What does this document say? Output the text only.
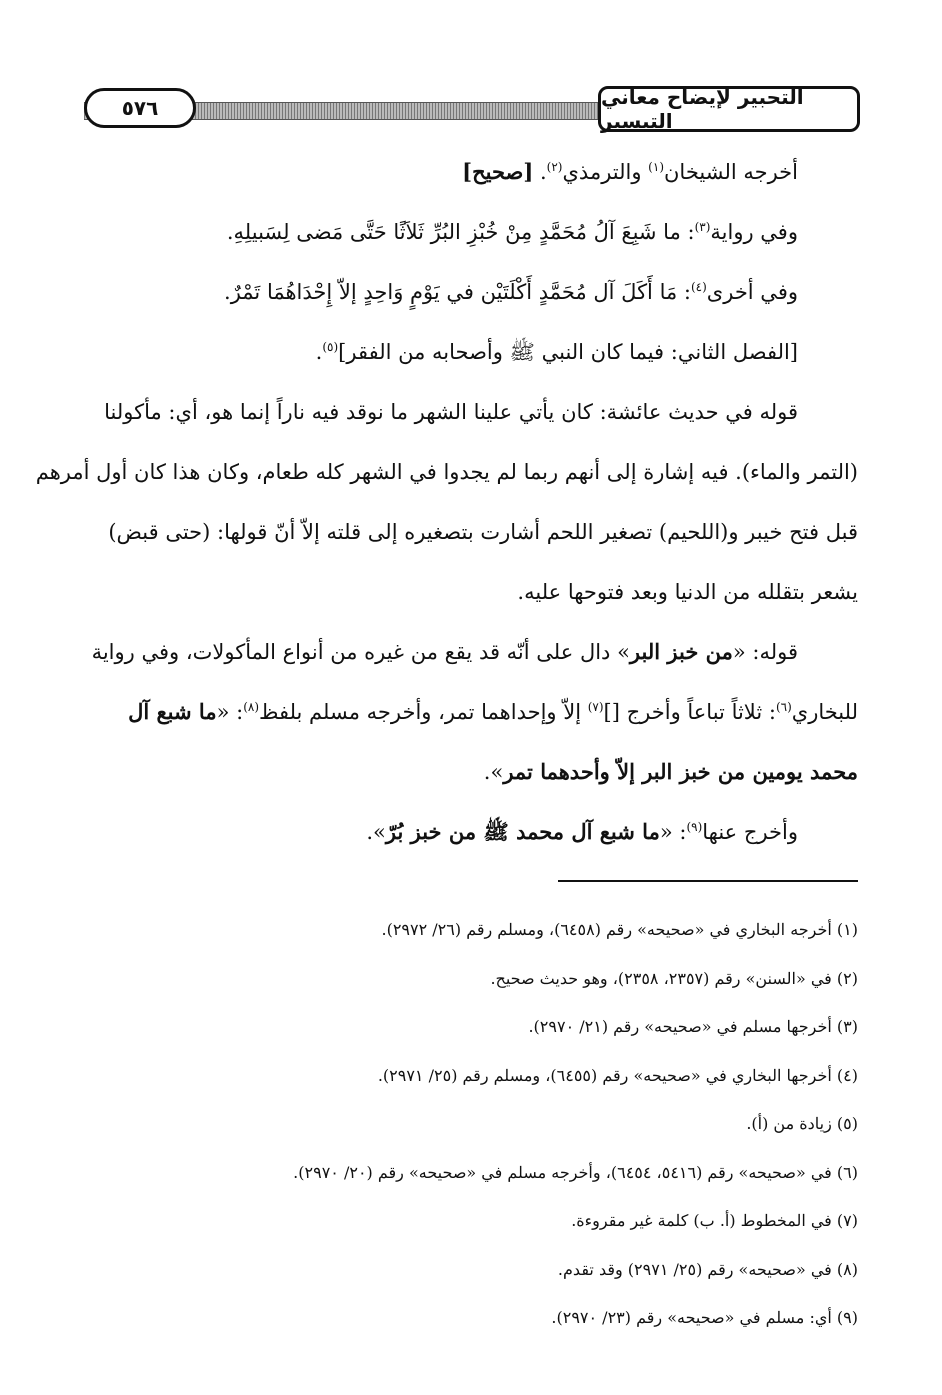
التحبير لإيضاح معاني التيسير
٥٧٦
أخرجه الشيخان$^{(١)}$ والترمذي$^{(٢)}$. [صحيح]
وفي رواية$^{(٣)}$: ما شَبِعَ آلُ مُحَمَّدٍ مِنْ خُبْزِ البُرِّ ثَلاَثًا حَتَّى مَضى لِسَبيلِهِ.
وفي أخرى$^{(٤)}$: مَا أَكَلَ آل مُحَمَّدٍ أَكْلَتَيْن في يَوْمٍ وَاحِدٍ إلاّ إِحْدَاهُمَا تَمْرٌ.
[الفصل الثاني: فيما كان النبي ﷺ وأصحابه من الفقر]$^{(٥)}$.
قوله في حديث عائشة: كان يأتي علينا الشهر ما نوقد فيه ناراً إنما هو، أي: مأكولنا
(التمر والماء). فيه إشارة إلى أنهم ربما لم يجدوا في الشهر كله طعام، وكان هذا كان أول أمرهم
قبل فتح خيبر و(اللحيم) تصغير اللحم أشارت بتصغيره إلى قلته إلاّ أنّ قولها: (حتى قبض)
يشعر بتقلله من الدنيا وبعد فتوحها عليه.
قوله: «من خبز البر» دال على أنّه قد يقع من غيره من أنواع المأكولات، وفي رواية
للبخاري$^{(٦)}$: ثلاثاً تباعاً وأخرج []$^{(٧)}$ إلاّ وإحداهما تمر، وأخرجه مسلم بلفظ$^{(٨)}$: «ما شبع آل
محمد يومين من خبز البر إلاّ وأحدهما تمر».
وأخرج عنها$^{(٩)}$: «ما شبع آل محمد ﷺ من خبز بُرّ».
(١) أخرجه البخاري في «صحيحه» رقم (٦٤٥٨)، ومسلم رقم (٢٦/ ٢٩٧٢).
(٢) في «السنن» رقم (٢٣٥٧، ٢٣٥٨)، وهو حديث صحيح.
(٣) أخرجها مسلم في «صحيحه» رقم (٢١/ ٢٩٧٠).
(٤) أخرجها البخاري في «صحيحه» رقم (٦٤٥٥)، ومسلم رقم (٢٥/ ٢٩٧١).
(٥) زيادة من (أ).
(٦) في «صحيحه» رقم (٥٤١٦، ٦٤٥٤)، وأخرجه مسلم في «صحيحه» رقم (٢٠/ ٢٩٧٠).
(٧) في المخطوط (أ. ب) كلمة غير مقروءة.
(٨) في «صحيحه» رقم (٢٥/ ٢٩٧١) وقد تقدم.
(٩) أي: مسلم في «صحيحه» رقم (٢٣/ ٢٩٧٠).
